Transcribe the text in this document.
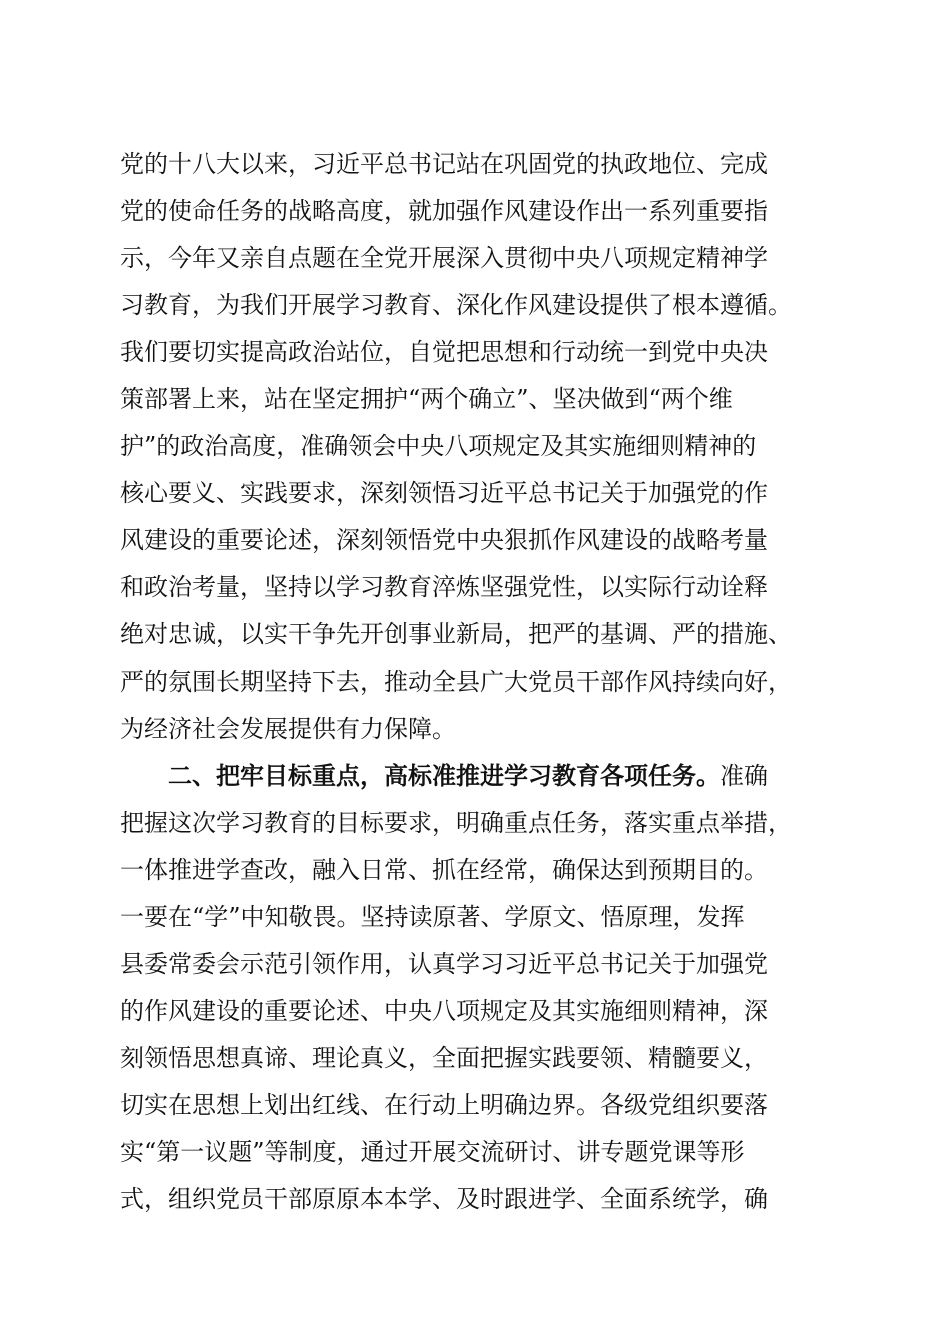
党的十八大以来，习近平总书记站在巩固党的执政地位、完成
党的使命任务的战略高度，就加强作风建设作出一系列重要指
示，今年又亲自点题在全党开展深入贯彻中央八项规定精神学
习教育，为我们开展学习教育、深化作风建设提供了根本遵循。
我们要切实提高政治站位，自觉把思想和行动统一到党中央决
策部署上来，站在坚定拥护“两个确立”、坚决做到“两个维
护”的政治高度，准确领会中央八项规定及其实施细则精神的
核心要义、实践要求，深刻领悟习近平总书记关于加强党的作
风建设的重要论述，深刻领悟党中央狠抓作风建设的战略考量
和政治考量，坚持以学习教育淬炼坚强党性，以实际行动诠释
绝对忠诚，以实干争先开创事业新局，把严的基调、严的措施、
严的氛围长期坚持下去，推动全县广大党员干部作风持续向好，
为经济社会发展提供有力保障。
二、把牢目标重点，高标准推进学习教育各项任务。准确
把握这次学习教育的目标要求，明确重点任务，落实重点举措，
一体推进学查改，融入日常、抓在经常，确保达到预期目的。
一要在“学”中知敬畏。坚持读原著、学原文、悟原理，发挥
县委常委会示范引领作用，认真学习习近平总书记关于加强党
的作风建设的重要论述、中央八项规定及其实施细则精神，深
刻领悟思想真谛、理论真义，全面把握实践要领、精髓要义，
切实在思想上划出红线、在行动上明确边界。各级党组织要落
实“第一议题”等制度，通过开展交流研讨、讲专题党课等形
式，组织党员干部原原本本学、及时跟进学、全面系统学，确
